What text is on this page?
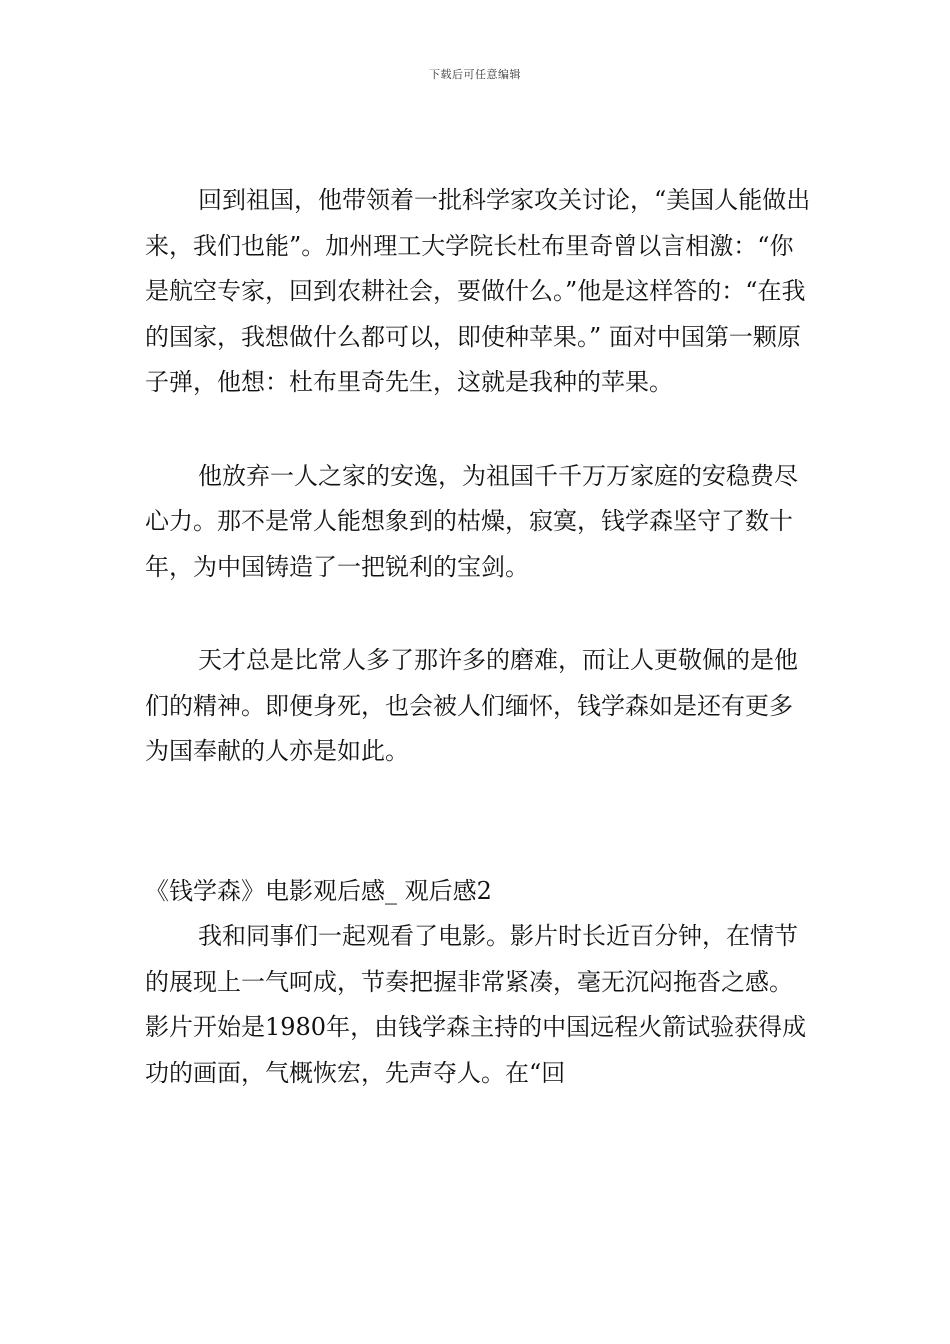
下载后可任意编辑

回到祖国，他带领着一批科学家攻关讨论，“美国人能做出来，我们也能”。加州理工大学院长杜布里奇曾以言相激：“你是航空专家，回到农耕社会，要做什么。”他是这样答的：“在我的国家，我想做什么都可以，即使种苹果。” 面对中国第一颗原子弹，他想：杜布里奇先生，这就是我种的苹果。

他放弃一人之家的安逸，为祖国千千万万家庭的安稳费尽心力。那不是常人能想象到的枯燥，寂寞，钱学森坚守了数十年，为中国铸造了一把锐利的宝剑。

天才总是比常人多了那许多的磨难，而让人更敬佩的是他们的精神。即便身死，也会被人们缅怀，钱学森如是还有更多为国奉献的人亦是如此。

《钱学森》电影观后感_ 观后感2

我和同事们一起观看了电影。影片时长近百分钟，在情节的展现上一气呵成，节奏把握非常紧凑，毫无沉闷拖沓之感。影片开始是1980年，由钱学森主持的中国远程火箭试验获得成功的画面，气概恢宏，先声夺人。在“回
